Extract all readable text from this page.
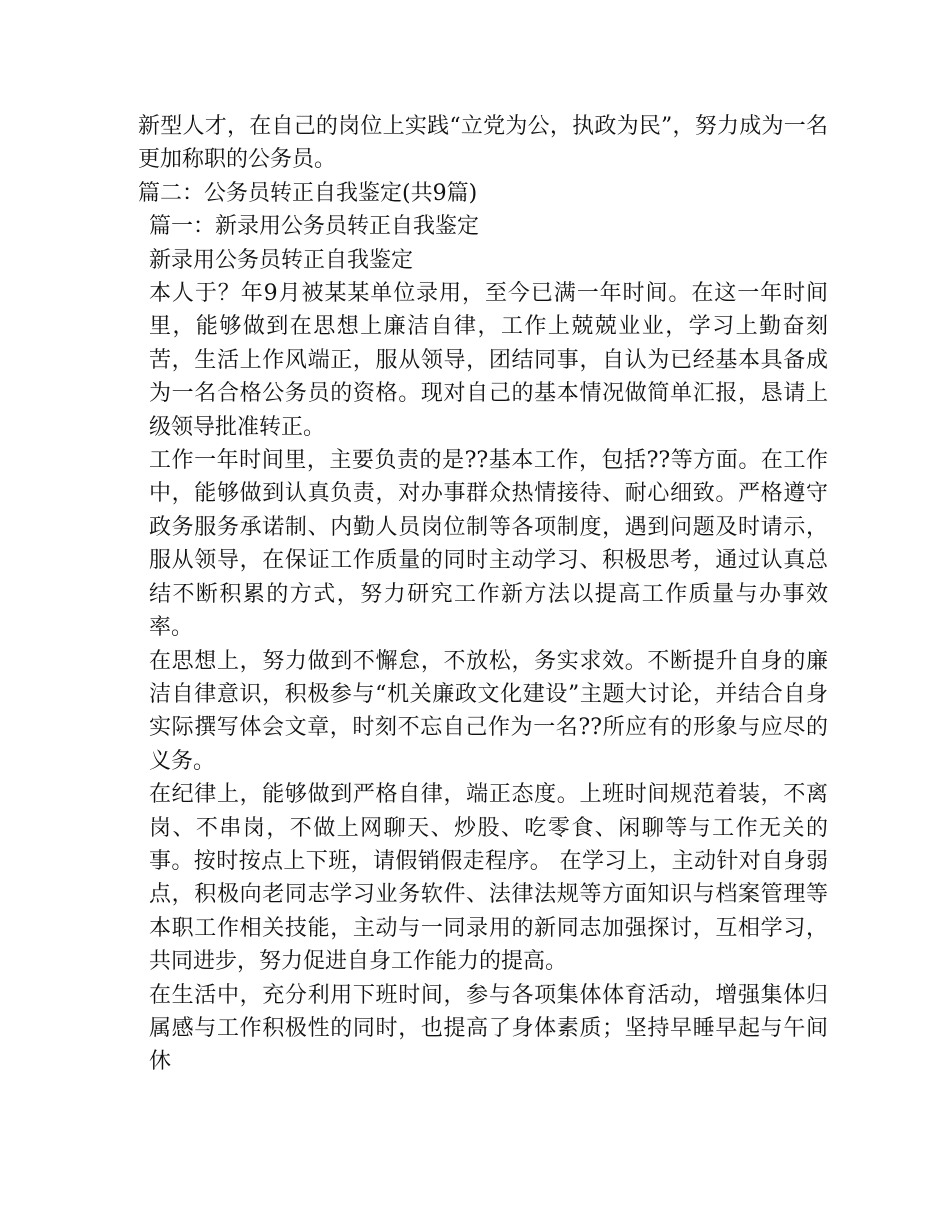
新型人才，在自己的岗位上实践“立党为公，执政为民”，努力成为一名更加称职的公务员。

篇二：公务员转正自我鉴定(共9篇)

篇一：新录用公务员转正自我鉴定

新录用公务员转正自我鉴定

本人于？年9月被某某单位录用，至今已满一年时间。在这一年时间里，能够做到在思想上廉洁自律，工作上兢兢业业，学习上勤奋刻苦，生活上作风端正，服从领导，团结同事，自认为已经基本具备成为一名合格公务员的资格。现对自己的基本情况做简单汇报，恳请上级领导批准转正。

工作一年时间里，主要负责的是??基本工作，包括??等方面。在工作中，能够做到认真负责，对办事群众热情接待、耐心细致。严格遵守政务服务承诺制、内勤人员岗位制等各项制度，遇到问题及时请示，服从领导，在保证工作质量的同时主动学习、积极思考，通过认真总结不断积累的方式，努力研究工作新方法以提高工作质量与办事效率。

在思想上，努力做到不懈怠，不放松，务实求效。不断提升自身的廉洁自律意识，积极参与“机关廉政文化建设”主题大讨论，并结合自身实际撰写体会文章，时刻不忘自己作为一名??所应有的形象与应尽的义务。

在纪律上，能够做到严格自律，端正态度。上班时间规范着装，不离岗、不串岗，不做上网聊天、炒股、吃零食、闲聊等与工作无关的事。按时按点上下班，请假销假走程序。 在学习上，主动针对自身弱点，积极向老同志学习业务软件、法律法规等方面知识与档案管理等本职工作相关技能，主动与一同录用的新同志加强探讨，互相学习，共同进步，努力促进自身工作能力的提高。

在生活中，充分利用下班时间，参与各项集体体育活动，增强集体归属感与工作积极性的同时，也提高了身体素质；坚持早睡早起与午间休
